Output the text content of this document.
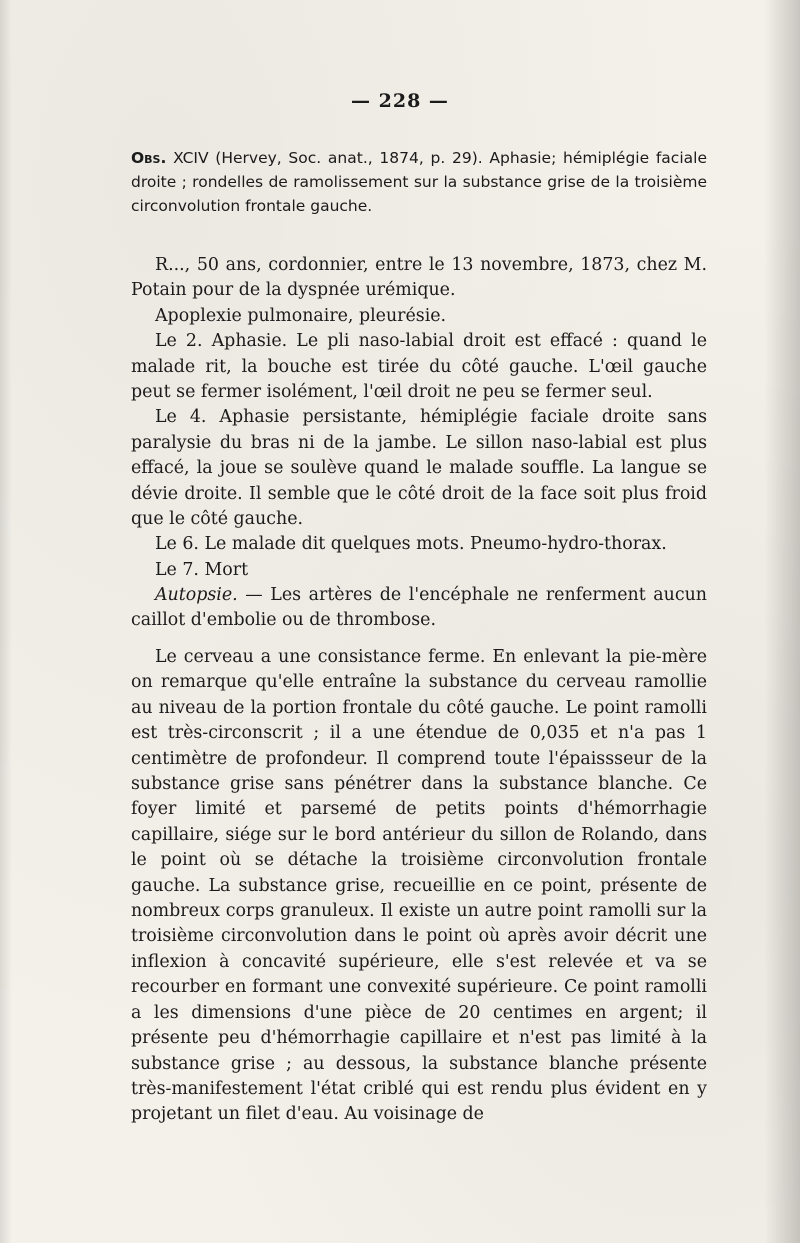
— 228 —
Obs. XCIV (Hervey, Soc. anat., 1874, p. 29). Aphasie; hémiplégie faciale droite ; rondelles de ramolissement sur la substance grise de la troisième circonvolution frontale gauche.

R..., 50 ans, cordonnier, entre le 13 novembre, 1873, chez M. Potain pour de la dyspnée urémique.

Apoplexie pulmonaire, pleurésie.

Le 2. Aphasie. Le pli naso-labial droit est effacé : quand le malade rit, la bouche est tirée du côté gauche. L'œil gauche peut se fermer isolément, l'œil droit ne peu se fermer seul.

Le 4. Aphasie persistante, hémiplégie faciale droite sans paralysie du bras ni de la jambe. Le sillon naso-labial est plus effacé, la joue se soulève quand le malade souffle. La langue se dévie droite. Il semble que le côté droit de la face soit plus froid que le côté gauche.

Le 6. Le malade dit quelques mots. Pneumo-hydro-thorax.

Le 7. Mort

Autopsie. — Les artères de l'encéphale ne renferment aucun caillot d'embolie ou de thrombose.

Le cerveau a une consistance ferme. En enlevant la pie-mère on remarque qu'elle entraîne la substance du cerveau ramollie au niveau de la portion frontale du côté gauche. Le point ramolli est très-circonscrit ; il a une étendue de 0,035 et n'a pas 1 centimètre de profondeur. Il comprend toute l'épaissseur de la substance grise sans pénétrer dans la substance blanche. Ce foyer limité et parsemé de petits points d'hémorrhagie capillaire, siége sur le bord antérieur du sillon de Rolando, dans le point où se détache la troisième circonvolution frontale gauche. La substance grise, recueillie en ce point, présente de nombreux corps granuleux. Il existe un autre point ramolli sur la troisième circonvolution dans le point où après avoir décrit une inflexion à concavité supérieure, elle s'est relevée et va se recourber en formant une convexité supérieure. Ce point ramolli a les dimensions d'une pièce de 20 centimes en argent; il présente peu d'hémorrhagie capillaire et n'est pas limité à la substance grise ; au dessous, la substance blanche présente très-manifestement l'état criblé qui est rendu plus évident en y projetant un filet d'eau. Au voisinage de
